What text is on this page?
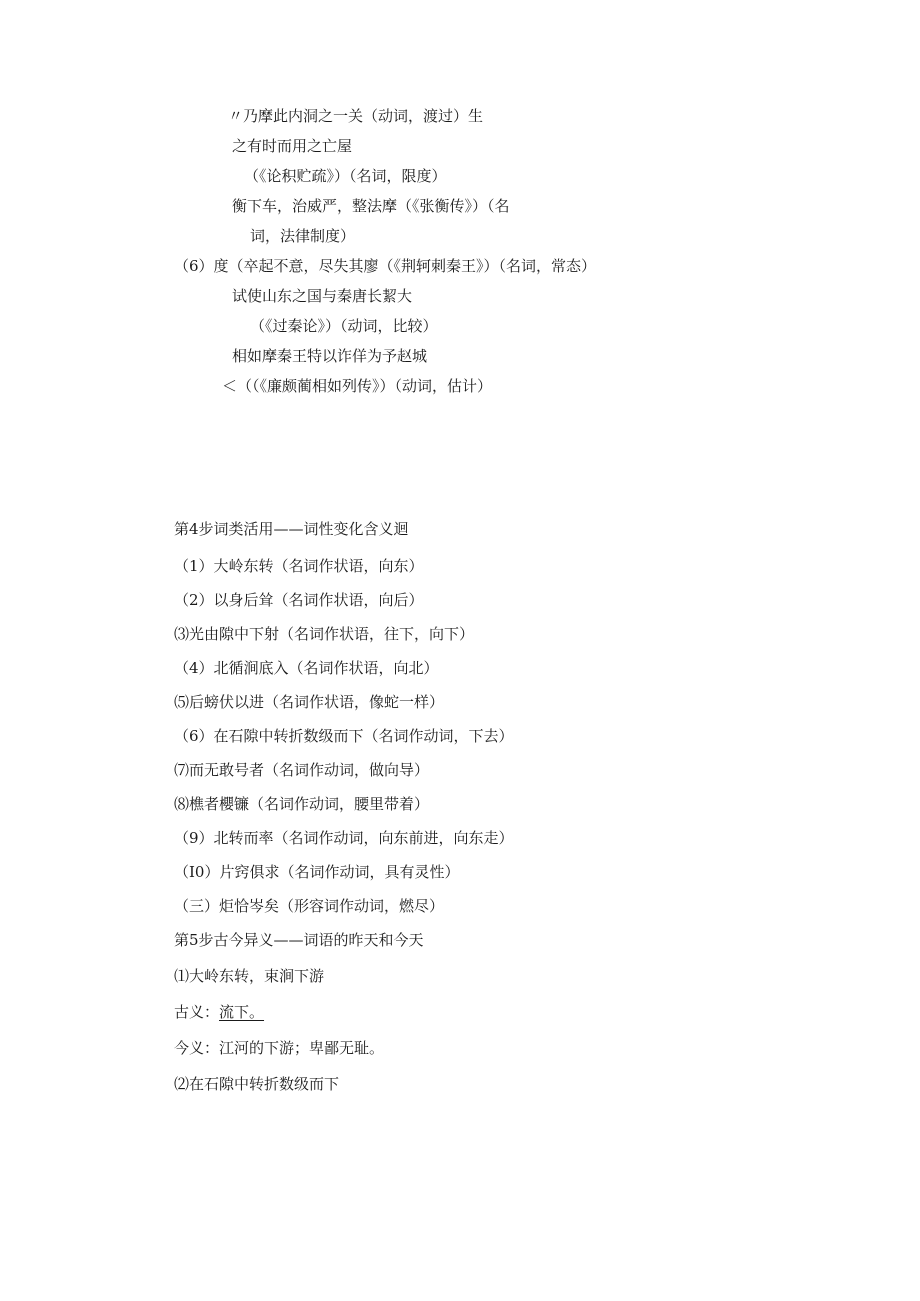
〃乃摩此内洞之一关（动词，渡过）生
之有时而用之亡屋
（《论积贮疏》）（名词，限度）
衡下车，治威严，整法摩（《张衡传》）（名
词，法律制度）
（6）度（卒起不意，尽失其廖（《荆轲刺秦王》）（名词，常态）
试使山东之国与秦唐长絜大
（《过秦论》）（动词，比较）
相如摩秦王特以诈佯为予赵城
＜（（《廉颇蔺相如列传》）（动词，估计）
第4步词类活用——词性变化含义迴
（1）大岭东转（名词作状语，向东）
（2）以身后耸（名词作状语，向后）
⑶光由隙中下射（名词作状语，往下，向下）
（4）北循涧底入（名词作状语，向北）
⑸后螃伏以进（名词作状语，像蛇一样）
（6）在石隙中转折数级而下（名词作动词，下去）
⑺而无敢号者（名词作动词，做向导）
⑻樵者櫻镰（名词作动词，腰里带着）
（9）北转而率（名词作动词，向东前进，向东走）
（I0）片窍俱求（名词作动词，具有灵性）
（三）炬恰岑矣（形容词作动词，燃尽）
第5步古今异义——词语的昨天和今天
⑴大岭东转，束涧下游
古义：流下。
今义：江河的下游；卑鄙无耻。
⑵在石隙中转折数级而下
